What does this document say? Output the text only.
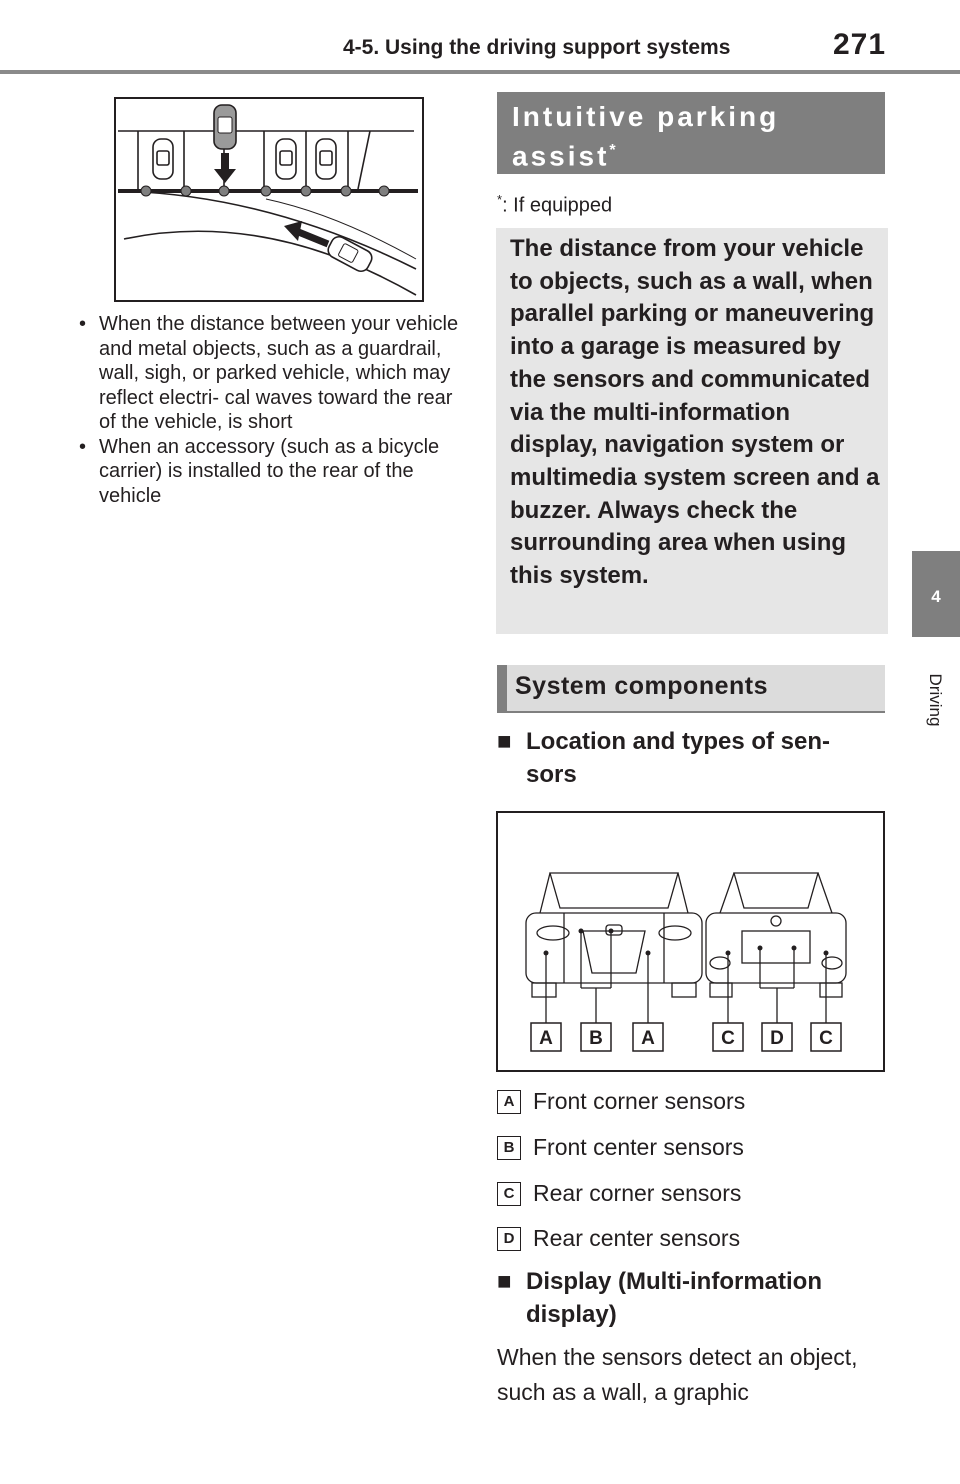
4-5. Using the driving support systems	271
4
Driving
• When the distance between your vehicle and metal objects, such as a guardrail, wall, sigh, or parked vehicle, which may reflect electri- cal waves toward the rear of the vehicle, is short
• When an accessory (such as a bicycle carrier) is installed to the rear of the vehicle
Intuitive parking assist*
*: If equipped

The distance from your vehicle to objects, such as a wall, when parallel parking or maneuvering into a garage is measured by the sensors and communicated via the multi-information display, navigation system or multimedia system screen and a buzzer. Always check the surrounding area when using this system.

System components
■ Location and types of sen- sors
A B A	C D C
A Front corner sensors
B Front center sensors
C Rear corner sensors
D Rear center sensors
■ Display (Multi-information display)

When the sensors detect an object, such as a wall, a graphic
